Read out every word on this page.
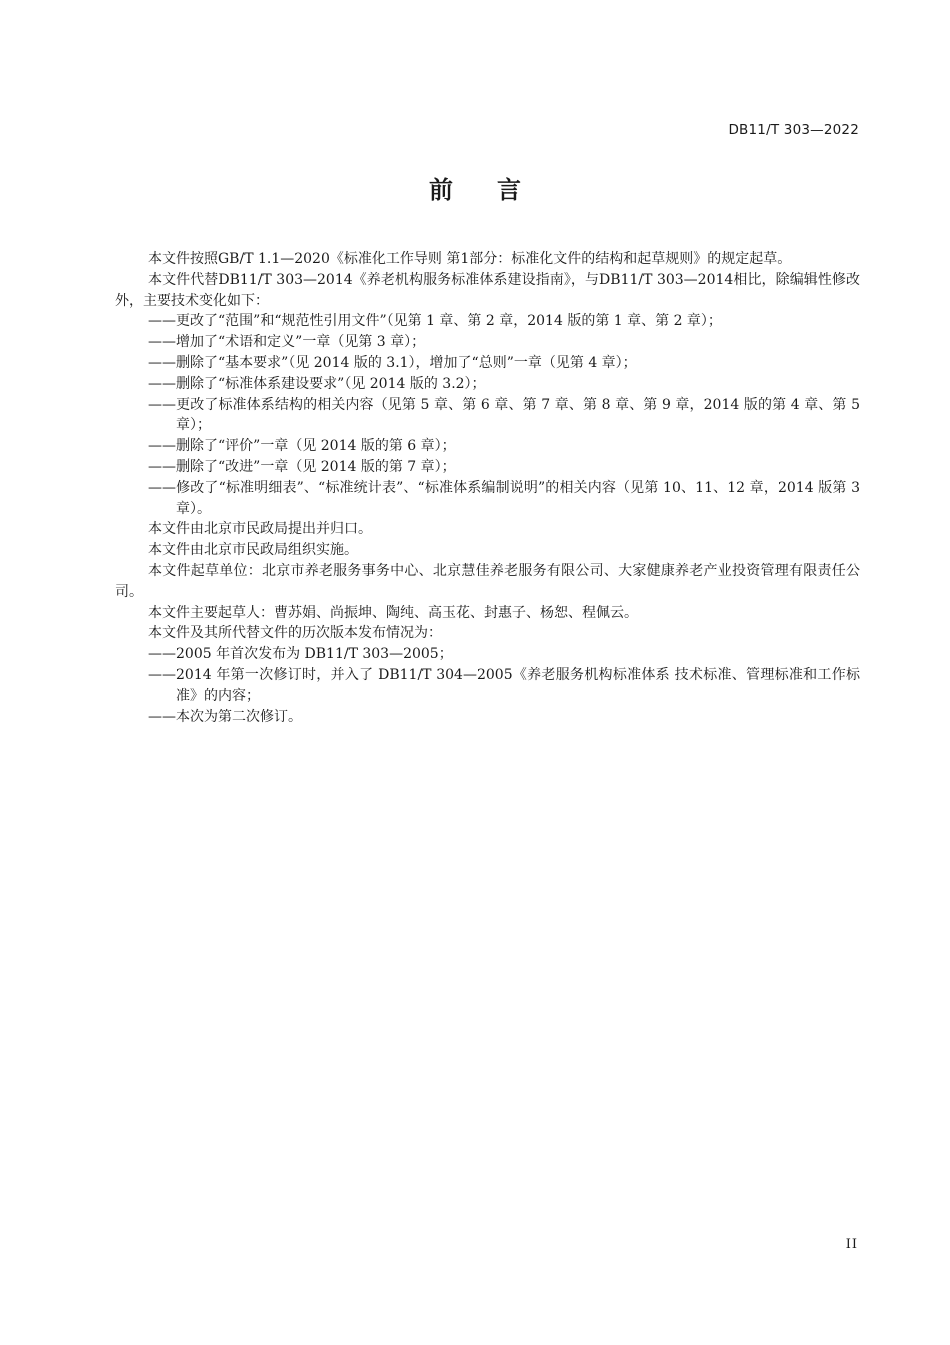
DB11/T 303—2022
前言

本文件按照GB/T 1.1—2020《标准化工作导则 第1部分：标准化文件的结构和起草规则》的规定起草。

本文件代替DB11/T 303—2014《养老机构服务标准体系建设指南》，与DB11/T 303—2014相比，除编辑性修改外，主要技术变化如下：

——更改了“范围”和“规范性引用文件”（见第 1 章、第 2 章，2014 版的第 1 章、第 2 章）；

——增加了“术语和定义”一章（见第 3 章）；

——删除了“基本要求”（见 2014 版的 3.1），增加了“总则”一章（见第 4 章）；

——删除了“标准体系建设要求”（见 2014 版的 3.2）；

——更改了标准体系结构的相关内容（见第 5 章、第 6 章、第 7 章、第 8 章、第 9 章，2014 版的第 4 章、第 5 章）；

——删除了“评价”一章（见 2014 版的第 6 章）；

——删除了“改进”一章（见 2014 版的第 7 章）；

——修改了“标准明细表”、“标准统计表”、“标准体系编制说明”的相关内容（见第 10、11、12 章，2014 版第 3 章）。

本文件由北京市民政局提出并归口。

本文件由北京市民政局组织实施。

本文件起草单位：北京市养老服务事务中心、北京慧佳养老服务有限公司、大家健康养老产业投资管理有限责任公司。

本文件主要起草人：曹苏娟、尚振坤、陶纯、高玉花、封惠子、杨恕、程佩云。

本文件及其所代替文件的历次版本发布情况为：

——2005 年首次发布为 DB11/T 303—2005；

——2014 年第一次修订时，并入了 DB11/T 304—2005《养老服务机构标准体系 技术标准、管理标准和工作标准》的内容；

——本次为第二次修订。

II
